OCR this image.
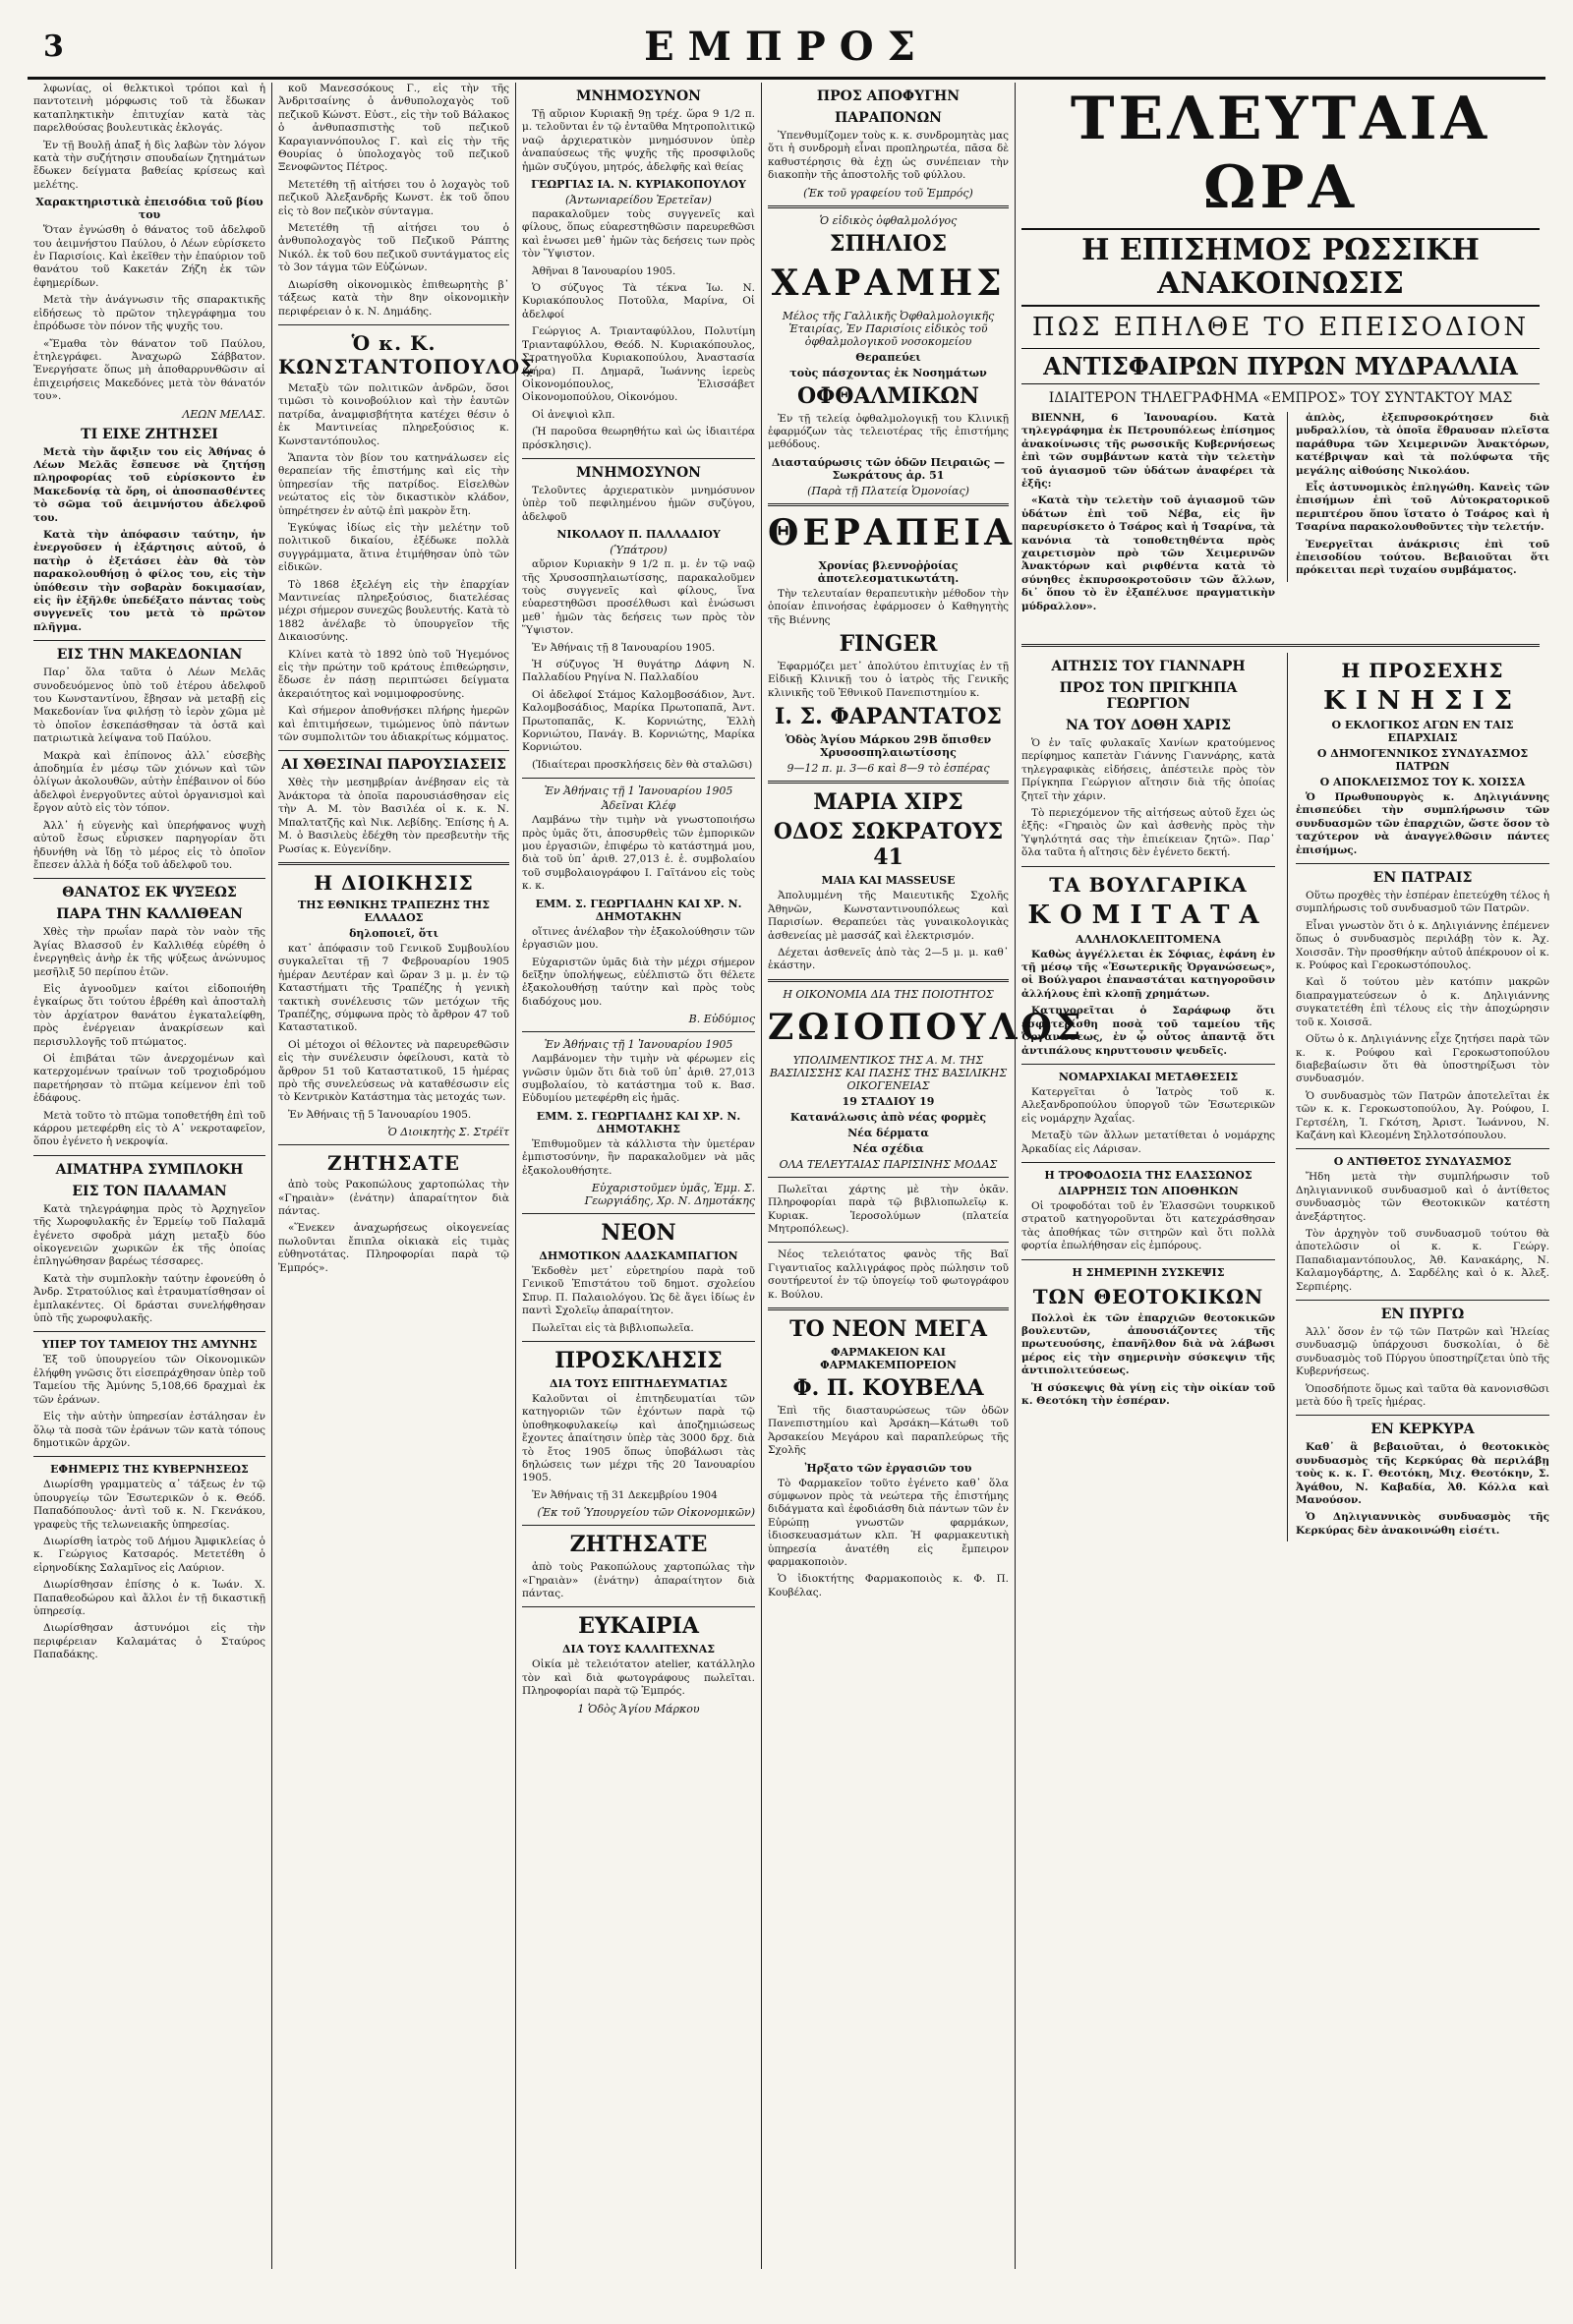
3	ΕΜΠΡΟΣ

λφωνίας, οἱ θελκτικοὶ τρόποι καὶ ἡ παντοτεινὴ μόρφωσις τοῦ τὰ ἔδωκαν καταπληκτικὴν ἐπιτυχίαν κατὰ τὰς παρελθούσας βουλευτικὰς ἐκλογάς.

Ἐν τῇ Βουλῇ ἀπαξ ἡ δὶς λαβὼν τὸν λόγον κατὰ τὴν συζήτησιν σπουδαίων ζητημάτων ἔδωκεν δείγματα βαθείας κρίσεως καὶ μελέτης.

Χαρακτηριστικὰ ἐπεισόδια τοῦ βίου του

Ὅταν ἐγνώσθη ὁ θάνατος τοῦ ἀδελφοῦ του ἀειμνήστου Παύλου, ὁ Λέων εὑρίσκετο ἐν Παρισίοις. Καὶ ἐκεῖθεν τὴν ἐπαύριον τοῦ θανάτου τοῦ Κακετάν Ζήζη ἐκ τῶν ἐφημερίδων.

Μετὰ τὴν ἀνάγνωσιν τῆς σπαρακτικῆς εἰδήσεως τὸ πρῶτον τηλεγράφημα του ἐπρόδωσε τὸν πόνον τῆς ψυχῆς του.

«Ἔμαθα τὸν θάνατον τοῦ Παύλου, ἐτηλεγράφει. Ἀναχωρῶ Σάββατον. Ἐνεργήσατε ὅπως μὴ ἀποθαρρυνθῶσιν αἱ ἐπιχειρήσεις Μακεδόνες μετὰ τὸν θάνατόν του».

ΛΕΩΝ ΜΕΛΑΣ.
ΤΙ ΕΙΧΕ ΖΗΤΗΣΕΙ

Μετὰ τὴν ἄφιξιν του εἰς Ἀθήνας ὁ Λέων Μελᾶς ἔσπευσε νὰ ζητήσῃ πληροφορίας τοῦ εὑρίσκοντο ἐν Μακεδονίᾳ τὰ ὄρη, οἱ ἀποσπασθέντες τὸ σῶμα τοῦ ἀειμνήστου ἀδελφοῦ του.

Κατὰ τὴν ἀπόφασιν ταύτην, ἡν ἐνεργοῦσεν ἡ ἐξάρτησις αὐτοῦ, ὁ πατὴρ ὁ ἐξετάσει ἐὰν θὰ τὸν παρακολουθήσῃ ὁ φίλος του, εἰς τὴν ὑπόθεσιν τὴν σοβαρὰν δοκιμασίαν, εἰς ἣν ἐξῆλθε ὑπεδέξατο πάντας τοὺς συγγενεῖς του μετὰ τὸ πρῶτον πλῆγμα.

ΕΙΣ ΤΗΝ ΜΑΚΕΔΟΝΙΑΝ

Παρ᾽ ὅλα ταῦτα ὁ Λέων Μελᾶς συνοδευόμενος ὑπὸ τοῦ ἑτέρου ἀδελφοῦ του Κωνσταντίνου, ἔβησαν νὰ μεταβῇ εἰς Μακεδονίαν ἵνα φιλήσῃ τὸ ἱερὸν χῶμα μὲ τὸ ὁποῖον ἐσκεπάσθησαν τὰ ὀστᾶ καὶ πατριωτικὰ λείψανα τοῦ Παύλου.

Μακρὰ καὶ ἐπίπονος ἀλλ᾽ εὐσεβὴς ἀποδημία ἐν μέσῳ τῶν χιόνων καὶ τῶν ὀλίγων ἀκολουθῶν, αὐτὴν ἐπέβαινον οἱ δύο ἀδελφοὶ ἐνεργοῦντες αὐτοὶ ὀργανισμοὶ καὶ ἔργον αὐτὸ εἰς τὸν τόπον.

Ἀλλ᾽ ἡ εὐγενὴς καὶ ὑπερήφανος ψυχὴ αὐτοῦ ἔσως εὗρισκεν παρηγορίαν ὅτι ἠδυνήθη νὰ ἴδῃ τὸ μέρος εἰς τὸ ὁποῖον ἔπεσεν ἀλλὰ ἡ δόξα τοῦ ἀδελφοῦ του.

ΘΑΝΑΤΟΣ ΕΚ ΨΥΞΕΩΣ
ΠΑΡΑ ΤΗΝ ΚΑΛΛΙΘΕΑΝ

Χθὲς τὴν πρωΐαν παρὰ τὸν ναὸν τῆς Ἁγίας Βλασσοῦ ἐν Καλλιθέᾳ εὑρέθη ὁ ἐνεργηθεὶς ἀνὴρ ἐκ τῆς ψύξεως ἀνώνυμος μεσῆλιξ 50 περίπου ἐτῶν.

Εἰς ἀγνοοῦμεν καίτοι εἰδοποιήθη ἐγκαίρως ὅτι τούτου ἐβρέθη καὶ ἀποσταλὴ τὸν ἀρχίατρον θανάτου ἐγκαταλείφθη, πρὸς ἐνέργειαν ἀνακρίσεων καὶ περισυλλογῆς τοῦ πτώματος.

Οἱ ἐπιβάται τῶν ἀνερχομένων καὶ κατερχομένων τραίνων τοῦ τροχιοδρόμου παρετήρησαν τὸ πτῶμα κείμενον ἐπὶ τοῦ ἐδάφους.

Μετὰ τοῦτο τὸ πτῶμα τοποθετήθη ἐπὶ τοῦ κάρρου μετεφέρθη εἰς τὸ Α᾽ νεκροταφεῖον, ὅπου ἐγένετο ἡ νεκροψία.

ΑΙΜΑΤΗΡΑ ΣΥΜΠΛΟΚΗ
ΕΙΣ ΤΟΝ ΠΑΛΑΜΑΝ

Κατὰ τηλεγράφημα πρὸς τὸ Ἀρχηγεῖον τῆς Χωροφυλακῆς ἐν Ἑρμείῳ τοῦ Παλαμᾶ ἐγένετο σφοδρὰ μάχη μεταξὺ δύο οἰκογενειῶν χωρικῶν ἐκ τῆς ὁποίας ἐπληγώθησαν βαρέως τέσσαρες.

Κατὰ τὴν συμπλοκὴν ταύτην ἐφονεύθη ὁ Ἀνδρ. Στρατούλιος καὶ ἐτραυματίσθησαν οἱ ἐμπλακέντες. Οἱ δράσται συνελήφθησαν ὑπὸ τῆς χωροφυλακῆς.

ΥΠΕΡ ΤΟΥ ΤΑΜΕΙΟΥ ΤΗΣ ΑΜΥΝΗΣ

Ἐξ τοῦ ὑπουργείου τῶν Οἰκονομικῶν ἐλήφθη γνῶσις ὅτι εἰσεπράχθησαν ὑπὲρ τοῦ Ταμείου τῆς Ἀμύνης 5,108,66 δραχμαὶ ἐκ τῶν ἐράνων.

Εἰς τὴν αὐτὴν ὑπηρεσίαν ἐστάλησαν ἐν ὅλῳ τὰ ποσὰ τῶν ἐράνων τῶν κατὰ τόπους δημοτικῶν ἀρχῶν.

ΕΦΗΜΕΡΙΣ ΤΗΣ ΚΥΒΕΡΝΗΣΕΩΣ

Διωρίσθη γραμματεὺς α᾽ τάξεως ἐν τῷ ὑπουργείῳ τῶν Ἐσωτερικῶν ὁ κ. Θεόδ. Παπαδόπουλος· ἀντὶ τοῦ κ. Ν. Γκενάκου, γραφεὺς τῆς τελωνειακῆς ὑπηρεσίας.

Διωρίσθη ἰατρὸς τοῦ Δήμου Ἀμφικλείας ὁ κ. Γεώργιος Κατσαρός. Μετετέθη ὁ εἰρηνοδίκης Σαλαμῖνος εἰς Λαύριον.

Διωρίσθησαν ἐπίσης ὁ κ. Ἰωάν. Χ. Παπαθεοδώρου καὶ ἄλλοι ἐν τῇ δικαστικῇ ὑπηρεσίᾳ.

Διωρίσθησαν ἀστυνόμοι εἰς τὴν περιφέρειαν Καλαμάτας ὁ Σταύρος Παπαδάκης.

κοῦ Μανεσσόκους Γ., εἰς τὴν τῆς Ἀνδριτσαίνης ὁ ἀνθυπολοχαγὸς τοῦ πεζικοῦ Κώνστ. Εὐστ., εἰς τὴν τοῦ Βάλακος ὁ ἀνθυπασπιστὴς τοῦ πεζικοῦ Καραγιαννόπουλος Γ. καὶ εἰς τὴν τῆς Θουρίας ὁ ὑπολοχαγὸς τοῦ πεζικοῦ Ξενοφῶντος Πέτρος.

Μετετέθη τῇ αἰτήσει του ὁ λοχαγὸς τοῦ πεζικοῦ Ἀλεξανδρῆς Κωνστ. ἐκ τοῦ ὅπου εἰς τὸ 8ον πεζικὸν σύνταγμα.

Μετετέθη τῇ αἰτήσει του ὁ ἀνθυπολοχαγὸς τοῦ Πεζικοῦ Ράπτης Νικόλ. ἐκ τοῦ 6ου πεζικοῦ συντάγματος εἰς τὸ 3ον τάγμα τῶν Εὐζώνων.

Διωρίσθη οἰκονομικὸς ἐπιθεωρητὴς β᾽ τάξεως κατὰ τὴν 8ην οἰκονομικὴν περιφέρειαν ὁ κ. Ν. Δημάδης.

Ὁ κ. Κ. ΚΩΝΣΤΑΝΤΟΠΟΥΛΟΣ

Μεταξὺ τῶν πολιτικῶν ἀνδρῶν, ὅσοι τιμῶσι τὸ κοινοβούλιον καὶ τὴν ἑαυτῶν πατρίδα, ἀναμφισβήτητα κατέχει θέσιν ὁ ἐκ Μαντινείας πληρεξούσιος κ. Κωνσταντόπουλος.

Ἅπαντα τὸν βίον του κατηνάλωσεν εἰς θεραπείαν τῆς ἐπιστήμης καὶ εἰς τὴν ὑπηρεσίαν τῆς πατρίδος. Εἰσελθὼν νεώτατος εἰς τὸν δικαστικὸν κλάδον, ὑπηρέτησεν ἐν αὐτῷ ἐπὶ μακρὸν ἔτη.

Ἐγκύψας ἰδίως εἰς τὴν μελέτην τοῦ πολιτικοῦ δικαίου, ἐξέδωκε πολλὰ συγγράμματα, ἅτινα ἐτιμήθησαν ὑπὸ τῶν εἰδικῶν.

Τὸ 1868 ἐξελέγη εἰς τὴν ἐπαρχίαν Μαντινείας πληρεξούσιος, διατελέσας μέχρι σήμερον συνεχῶς βουλευτής. Κατὰ τὸ 1882 ἀνέλαβε τὸ ὑπουργεῖον τῆς Δικαιοσύνης.

Κλίνει κατὰ τὸ 1892 ὑπὸ τοῦ Ἡγεμόνος εἰς τὴν πρώτην τοῦ κράτους ἐπιθεώρησιν, ἔδωσε ἐν πάσῃ περιπτώσει δείγματα ἀκεραιότητος καὶ νομιμοφροσύνης.

Καὶ σήμερον ἀποθνῄσκει πλήρης ἡμερῶν καὶ ἐπιτιμήσεων, τιμώμενος ὑπὸ πάντων τῶν συμπολιτῶν του ἀδιακρίτως κόμματος.

ΑΙ ΧΘΕΣΙΝΑΙ ΠΑΡΟΥΣΙΑΣΕΙΣ

Χθὲς τὴν μεσημβρίαν ἀνέβησαν εἰς τὰ Ἀνάκτορα τὰ ὁποῖα παρουσιάσθησαν εἰς τὴν Α. Μ. τὸν Βασιλέα οἱ κ. κ. Ν. Μπαλτατζῆς καὶ Νικ. Λεβίδης. Ἐπίσης ἡ Α. Μ. ὁ Βασιλεὺς ἐδέχθη τὸν πρεσβευτὴν τῆς Ρωσίας κ. Εὐγενίδην.

Η ΔΙΟΙΚΗΣΙΣ
ΤΗΣ ΕΘΝΙΚΗΣ ΤΡΑΠΕΖΗΣ ΤΗΣ ΕΛΛΑΔΟΣ
δηλοποιεῖ, ὅτι

κατ᾽ ἀπόφασιν τοῦ Γενικοῦ Συμβουλίου συγκαλεῖται τῇ 7 Φεβρουαρίου 1905 ἡμέραν Δευτέραν καὶ ὥραν 3 μ. μ. ἐν τῷ Καταστήματι τῆς Τραπέζης ἡ γενικὴ τακτικὴ συνέλευσις τῶν μετόχων τῆς Τραπέζης, σύμφωνα πρὸς τὸ ἄρθρον 47 τοῦ Καταστατικοῦ.

Οἱ μέτοχοι οἱ θέλοντες νὰ παρευρεθῶσιν εἰς τὴν συνέλευσιν ὀφείλουσι, κατὰ τὸ ἄρθρον 51 τοῦ Καταστατικοῦ, 15 ἡμέρας πρὸ τῆς συνελεύσεως νὰ καταθέσωσιν εἰς τὸ Κεντρικὸν Κατάστημα τὰς μετοχάς των.

Ἐν Ἀθήναις τῇ 5 Ἰανουαρίου 1905.

Ὁ Διοικητὴς Σ. Στρέϊτ
ΖΗΤΗΣΑΤΕ

ἀπὸ τοὺς Ρακοπώλους χαρτοπώλας τὴν «Γηραιὰν» (ἐνάτην) ἀπαραίτητον διὰ πάντας.

«Ἕνεκεν ἀναχωρήσεως οἰκογενείας πωλοῦνται ἔπιπλα οἰκιακὰ εἰς τιμὰς εὐθηνοτάτας. Πληροφορίαι παρὰ τῷ Ἐμπρός».

ΜΝΗΜΟΣΥΝΟΝ

Τῇ αὔριον Κυριακῇ 9ῃ τρέχ. ὥρα 9 1/2 π. μ. τελοῦνται ἐν τῷ ἐνταῦθα Μητροπολιτικῷ ναῷ ἀρχιερατικὸν μνημόσυνον ὑπὲρ ἀναπαύσεως τῆς ψυχῆς τῆς προσφιλοῦς ἡμῶν συζύγου, μητρός, ἀδελφῆς καὶ θείας

ΓΕΩΡΓΙΑΣ ΙΑ. Ν. ΚΥΡΙΑΚΟΠΟΥΛΟΥ
(Ἀντωνιαρείδου Ἐρετεῖαν)

παρακαλοῦμεν τοὺς συγγενεῖς καὶ φίλους, ὅπως εὐαρεστηθῶσιν παρευρεθῶσι καὶ ἑνωσει μεθ᾽ ἡμῶν τὰς δεήσεις των πρὸς τὸν Ὕψιστον.

Ἀθῆναι 8 Ἰανουαρίου 1905.

Ὁ σύζυγος Τὰ τέκνα Ἰω. Ν. Κυριακόπουλος Ποτοῦλα, Μαρίνα, Οἱ ἀδελφοί

Γεώργιος Α. Τριανταφύλλου, Πολυτίμη Τριανταφύλλου, Θεόδ. Ν. Κυριακόπουλος, Στρατηγοῦλα Κυριακοπούλου, Ἀναστασία (χήρα) Π. Δημαρᾶ, Ἰωάννης ἱερεὺς Οἰκονομόπουλος, Ἐλισσάβετ Οἰκονομοπούλου, Οἰκονόμου.

Οἱ ἀνεψιοὶ κλπ.

(Ἡ παροῦσα θεωρηθήτω καὶ ὡς ἰδιαιτέρα πρόσκλησις).

ΜΝΗΜΟΣΥΝΟΝ

Τελοῦντες ἀρχιερατικὸν μνημόσυνον ὑπὲρ τοῦ πεφιλημένου ἡμῶν συζύγου, ἀδελφοῦ

ΝΙΚΟΛΑΟΥ Π. ΠΑΛΛΑΔΙΟΥ
(Ὑπάτρου)

αὔριον Κυριακὴν 9 1/2 π. μ. ἐν τῷ ναῷ τῆς Χρυσοσπηλαιωτίσσης, παρακαλοῦμεν τοὺς συγγενεῖς καὶ φίλους, ἵνα εὐαρεστηθῶσι προσέλθωσι καὶ ἑνώσωσι μεθ᾽ ἡμῶν τὰς δεήσεις των πρὸς τὸν Ὕψιστον.

Ἐν Ἀθήναις τῇ 8 Ἰανουαρίου 1905.

Ἡ σύζυγος Ἡ θυγάτηρ Δάφνη Ν. Παλλαδίου Ρηγίνα Ν. Παλλαδίου

Οἱ ἀδελφοί Στάμος Καλομβοσάδιον, Ἀντ. Καλομβοσάδιος, Μαρίκα Πρωτοπαπᾶ, Ἀντ. Πρωτοπαπᾶς, Κ. Κορνιώτης, Ἑλλὴ Κορνιώτου, Πανάγ. Β. Κορνιώτης, Μαρίκα Κορνιώτου.

(Ἰδιαίτεραι προσκλήσεις δὲν θὰ σταλῶσι)

Ἐν Ἀθήναις τῇ 1 Ἰανουαρίου 1905
Ἀδεῖναι Κλέφ

Λαμβάνω τὴν τιμὴν νὰ γνωστοποιήσω πρὸς ὑμᾶς ὅτι, ἀποσυρθεὶς τῶν ἐμπορικῶν μου ἐργασιῶν, ἐπιφέρω τὸ κατάστημά μου, διὰ τοῦ ὑπ᾽ ἀριθ. 27,013 ἐ. ἐ. συμβολαίου τοῦ συμβολαιογράφου Ι. Γαϊτάνου εἰς τοὺς κ. κ.

ΕΜΜ. Σ. ΓΕΩΡΓΙΑΔΗΝ ΚΑΙ ΧΡ. Ν. ΔΗΜΟΤΑΚΗΝ

οἵτινες ἀνέλαβον τὴν ἐξακολούθησιν τῶν ἐργασιῶν μου.

Εὐχαριστῶν ὑμᾶς διὰ τὴν μέχρι σήμερον δεῖξην ὑπολήψεως, εὐέλπιστῶ ὅτι θέλετε ἐξακολουθήσῃ ταύτην καὶ πρὸς τοὺς διαδόχους μου.

Β. Εὐδύμιος
Ἐν Ἀθήναις τῇ 1 Ἰανουαρίου 1905

Λαμβάνομεν τὴν τιμὴν νὰ φέρωμεν εἰς γνῶσιν ὑμῶν ὅτι διὰ τοῦ ὑπ᾽ ἀριθ. 27,013 συμβολαίου, τὸ κατάστημα τοῦ κ. Βασ. Εὐδυμίου μετεφέρθη εἰς ἡμᾶς.

ΕΜΜ. Σ. ΓΕΩΡΓΙΑΔΗΣ ΚΑΙ ΧΡ. Ν. ΔΗΜΟΤΑΚΗΣ

Ἐπιθυμοῦμεν τὰ κάλλιστα τὴν ὑμετέραν ἐμπιστοσύνην, ἣν παρακαλοῦμεν νὰ μᾶς ἐξακολουθήσητε.

Εὐχαριστοῦμεν ὑμᾶς, Ἐμμ. Σ. Γεωργιάδης, Χρ. Ν. Δημοτάκης
ΝΕΟΝ
ΔΗΜΟΤΙΚΟΝ ΑΔΑΣΚΑΜΠΑΓΙΟΝ

Ἐκδοθὲν μετ᾽ εὐρετηρίου παρὰ τοῦ Γενικοῦ Ἐπιστάτου τοῦ δημοτ. σχολείου Σπυρ. Π. Παλαιολόγου. Ὡς δὲ ἄγει ἰδίως ἐν παντὶ Σχολεῖῳ ἀπαραίτητον.

Πωλεῖται εἰς τὰ βιβλιοπωλεῖα.

ΠΡΟΣΚΛΗΣΙΣ
ΔΙΑ ΤΟΥΣ ΕΠΙΤΗΔΕΥΜΑΤΙΑΣ

Καλοῦνται οἱ ἐπιτηδευματίαι τῶν κατηγοριῶν τῶν ἐχόντων παρὰ τῷ ὑποθηκοφυλακείῳ καὶ ἀποζημιώσεως ἔχοντες ἀπαίτησιν ὑπὲρ τὰς 3000 δρχ. διὰ τὸ ἔτος 1905 ὅπως ὑποβάλωσι τὰς δηλώσεις των μέχρι τῆς 20 Ἰανουαρίου 1905.

Ἐν Ἀθήναις τῇ 31 Δεκεμβρίου 1904

(Ἐκ τοῦ Ὑπουργείου τῶν Οἰκονομικῶν)
ΖΗΤΗΣΑΤΕ

ἀπὸ τοὺς Ρακοπώλους χαρτοπώλας τὴν «Γηραιὰν» (ἐνάτην) ἀπαραίτητον διὰ πάντας.

ΕΥΚΑΙΡΙΑ
ΔΙΑ ΤΟΥΣ ΚΑΛΛΙΤΕΧΝΑΣ

Οἰκία μὲ τελειότατον atelier, κατάλληλο τὸν καὶ διὰ φωτογράφους πωλεῖται. Πληροφορίαι παρὰ τῷ Ἐμπρός.

1 Ὁδὸς Ἁγίου Μάρκου
ΠΡΟΣ ΑΠΟΦΥΓΗΝ
ΠΑΡΑΠΟΝΩΝ

Ὑπενθυμίζομεν τοὺς κ. κ. συνδρομητὰς μας ὅτι ἡ συνδρομὴ εἶναι προπληρωτέα, πᾶσα δὲ καθυστέρησις θὰ ἐχῃ ὡς συνέπειαν τὴν διακοπὴν τῆς ἀποστολῆς τοῦ φύλλου.

(Ἐκ τοῦ γραφείου τοῦ Ἐμπρός)
Ὁ εἰδικὸς ὀφθαλμολόγος
ΣΠΗΛΙΟΣ
ΧΑΡΑΜΗΣ
Μέλος τῆς Γαλλικῆς Ὀφθαλμολογικῆς Ἑταιρίας, Ἐν Παρισίοις εἰδικὸς τοῦ ὀφθαλμολογικοῦ νοσοκομείου
Θεραπεύει
τοὺς πάσχοντας ἐκ Νοσημάτων
ΟΦΘΑΛΜΙΚΩΝ

Ἐν τῇ τελείᾳ ὀφθαλμολογικῇ του Κλινικῇ ἐφαρμόζων τὰς τελειοτέρας τῆς ἐπιστήμης μεθόδους.

Διασταύρωσις τῶν ὁδῶν Πειραιῶς — Σωκράτους ἀρ. 51
(Παρὰ τῇ Πλατείᾳ Ὁμονοίας)
ΘΕΡΑΠΕΙΑ
Χρονίας βλεννοῤῥοίας ἀποτελεσματικωτάτη.

Τὴν τελευταίαν θεραπευτικὴν μέθοδον τὴν ὁποίαν ἐπινοήσας ἐφάρμοσεν ὁ Καθηγητὴς τῆς Βιέννης

FINGER

Ἐφαρμόζει μετ᾽ ἀπολύτου ἐπιτυχίας ἐν τῇ Εἰδικῇ Κλινικῇ του ὁ ἰατρὸς τῆς Γενικῆς κλινικῆς τοῦ Ἐθνικοῦ Πανεπιστημίου κ.

Ι. Σ. ΦΑΡΑΝΤΑΤΟΣ
Ὁδὸς Ἁγίου Μάρκου 29Β ὄπισθεν Χρυσοσπηλαιωτίσσης
9—12 π. μ. 3—6 καὶ 8—9 τὸ ἑσπέρας
ΜΑΡΙΑ ΧΙΡΣ
ΟΔΟΣ ΣΩΚΡΑΤΟΥΣ 41
ΜΑΙΑ ΚΑΙ MASSEUSE

Ἀπολυμμένη τῆς Μαιευτικῆς Σχολῆς Ἀθηνῶν, Κωνσταντινουπόλεως καὶ Παρισίων. Θεραπεύει τὰς γυναικολογικὰς ἀσθενείας μὲ μασσάζ καὶ ἐλεκτρισμόν.

Δέχεται ἀσθενεῖς ἀπὸ τὰς 2—5 μ. μ. καθ᾽ ἑκάστην.

Η ΟΙΚΟΝΟΜΙΑ ΔΙΑ ΤΗΣ ΠΟΙΟΤΗΤΟΣ
ΖΩΙΟΠΟΥΛΟΣ
ΥΠΟΛΙΜΕΝΤΙΚΟΣ ΤΗΣ Α. Μ. ΤΗΣ ΒΑΣΙΛΙΣΣΗΣ ΚΑΙ ΠΑΣΗΣ ΤΗΣ ΒΑΣΙΛΙΚΗΣ ΟΙΚΟΓΕΝΕΙΑΣ
19 ΣΤΑΔΙΟΥ 19
Κατανάλωσις ἀπὸ νέας φορμὲς
Νέα δέρματα
Νέα σχέδια
ΟΛΑ ΤΕΛΕΥΤΑΙΑΣ ΠΑΡΙΣΙΝΗΣ ΜΟΔΑΣ

Πωλεῖται χάρτης μὲ τὴν ὀκᾶν. Πληροφορίαι παρὰ τῷ βιβλιοπωλεῖῳ κ. Κυριακ. Ἱεροσολύμων (πλατεία Μητροπόλεως).

Νέος τελειότατος φανὸς τῆς Βαϊ Γιγαντιαῖος καλλιγράφος πρὸς πώλησιν τοῦ σουτήρευτοί ἐν τῷ ὑπογείῳ τοῦ φωτογράφου κ. Βούλου.

ΤΟ ΝΕΟΝ ΜΕΓΑ
ΦΑΡΜΑΚΕΙΟΝ ΚΑΙ ΦΑΡΜΑΚΕΜΠΟΡΕΙΟΝ
Φ. Π. ΚΟΥΒΕΛΑ

Ἐπὶ τῆς διασταυρώσεως τῶν ὁδῶν Πανεπιστημίου καὶ Ἀρσάκη—Κάτωθι τοῦ Ἀρσακείου Μεγάρου καὶ παραπλεύρως τῆς Σχολῆς

Ἠρξατο τῶν ἐργασιῶν του

Τὸ Φαρμακεῖον τοῦτο ἐγένετο καθ᾽ ὅλα σύμφωνον πρὸς τὰ νεώτερα τῆς ἐπιστήμης διδάγματα καὶ ἐφοδιάσθη διὰ πάντων τῶν ἐν Εὐρώπῃ γνωστῶν φαρμάκων, ἰδιοσκευασμάτων κλπ. Ἡ φαρμακευτικὴ ὑπηρεσία ἀνατέθη εἰς ἔμπειρον φαρμακοποιὸν.

Ὁ ἰδιοκτήτης Φαρμακοποιὸς κ. Φ. Π. Κουβέλας.

ΤΕΛΕΥΤΑΙΑ ΩΡΑ
Η ΕΠΙΣΗΜΟΣ ΡΩΣΣΙΚΗ ΑΝΑΚΟΙΝΩΣΙΣ
ΠΩΣ ΕΠΗΛΘΕ ΤΟ ΕΠΕΙΣΟΔΙΟΝ
ΑΝΤΙΣΦΑΙΡΩΝ ΠΥΡΩΝ ΜΥΔΡΑΛΛΙΑ
ΙΔΙΑΙΤΕΡΟΝ ΤΗΛΕΓΡΑΦΗΜΑ «ΕΜΠΡΟΣ» ΤΟΥ ΣΥΝΤΑΚΤΟΥ ΜΑΣ

ΒΙΕΝΝΗ, 6 Ἰανουαρίου. Κατὰ τηλεγράφημα ἐκ Πετρουπόλεως ἐπίσημος ἀνακοίνωσις τῆς ρωσσικῆς Κυβερνήσεως ἐπὶ τῶν συμβάντων κατὰ τὴν τελετὴν τοῦ ἁγιασμοῦ τῶν ὑδάτων ἀναφέρει τὰ ἑξῆς:

«Κατὰ τὴν τελετὴν τοῦ ἁγιασμοῦ τῶν ὑδάτων ἐπὶ τοῦ Νέβα, εἰς ἣν παρευρίσκετο ὁ Τσάρος καὶ ἡ Τσαρίνα, τὰ κανόνια τὰ τοποθετηθέντα πρὸς χαιρετισμὸν πρὸ τῶν Χειμερινῶν Ἀνακτόρων καὶ ριφθέντα κατὰ τὸ σύνηθες ἐκπυρσοκροτοῦσιν τῶν ἄλλων, δι᾽ ὅπου τὸ ἓν ἐξαπέλυσε πραγματικὴν μύδραλλον».

ἀπλὸς, ἐξεπυρσοκρότησεν διὰ μυδραλλίου, τὰ ὁποῖα ἔθραυσαν πλεῖστα παράθυρα τῶν Χειμερινῶν Ἀνακτόρων, κατέβριψαν καὶ τὰ πολύφωτα τῆς μεγάλης αἰθούσης Νικολάου.

Εἷς ἀστυνομικὸς ἐπληγώθη. Κανεὶς τῶν ἐπισήμων ἐπὶ τοῦ Αὐτοκρατορικοῦ περιπτέρου ὅπου ἵστατο ὁ Τσάρος καὶ ἡ Τσαρίνα παρακολουθοῦντες τὴν τελετήν.

Ἐνεργεῖται ἀνάκρισις ἐπὶ τοῦ ἐπεισοδίου τούτου. Βεβαιοῦται ὅτι πρόκειται περὶ τυχαίου συμβάματος.

ΑΙΤΗΣΙΣ ΤΟΥ ΓΙΑΝΝΑΡΗ
ΠΡΟΣ ΤΟΝ ΠΡΙΓΚΗΠΑ ΓΕΩΡΓΙΟΝ
ΝΑ ΤΟΥ ΔΟΘΗ ΧΑΡΙΣ

Ὁ ἐν ταῖς φυλακαῖς Χανίων κρατούμενος περίφημος καπετὰν Γιάννης Γιαννάρης, κατὰ τηλεγραφικὰς εἰδήσεις, ἀπέστειλε πρὸς τὸν Πρίγκηπα Γεώργιον αἴτησιν διὰ τῆς ὁποίας ζητεῖ τὴν χάριν.

Τὸ περιεχόμενον τῆς αἰτήσεως αὐτοῦ ἔχει ὡς ἑξῆς: «Γηραιὸς ὢν καὶ ἀσθενὴς πρὸς τὴν Ὑψηλότητά σας τὴν ἐπιείκειαν ζητῶ». Παρ᾽ ὅλα ταῦτα ἡ αἴτησις δὲν ἐγένετο δεκτή.

ΤΑ ΒΟΥΛΓΑΡΙΚΑ
ΚΟΜΙΤΑΤΑ
ΑΛΛΗΛΟΚΛΕΠΤΟΜΕΝΑ

Καθὼς ἀγγέλλεται ἐκ Σόφιας, ἐφάνη ἐν τῇ μέσῳ τῆς «Ἐσωτερικῆς Ὀργανώσεως», οἱ Βούλγαροι ἐπαναστάται κατηγοροῦσιν ἀλλήλους ἐπὶ κλοπῇ χρημάτων.

Κατηγορεῖται ὁ Σαράφωφ ὅτι ἐσφετερίσθη ποσὰ τοῦ ταμείου τῆς Ὀργανώσεως, ἐν ᾧ οὗτος ἀπαντᾷ ὅτι ἀντιπάλους κηρυττουσιν ψευδεῖς.

ΝΟΜΑΡΧΙΑΚΑΙ ΜΕΤΑΘΕΣΕΙΣ

Κατεργεῖται ὁ Ἰατρὸς τοῦ κ. Αλεξανδροπούλου ὑποργοῦ τῶν Ἐσωτερικῶν εἰς νομάρχην Ἀχαΐας.

Μεταξὺ τῶν ἄλλων μετατίθεται ὁ νομάρχης Ἀρκαδίας εἰς Λάρισαν.

Η ΤΡΟΦΟΔΟΣΙΑ ΤΗΣ ΕΛΑΣΣΩΝΟΣ
ΔΙΑΡΡΗΞΙΣ ΤΩΝ ΑΠΟΘΗΚΩΝ

Οἱ τροφοδόται τοῦ ἐν Ἐλασσῶνι τουρκικοῦ στρατοῦ κατηγοροῦνται ὅτι κατεχράσθησαν τὰς ἀποθήκας τῶν σιτηρῶν καὶ ὅτι πολλὰ φορτία ἐπωλήθησαν εἰς ἐμπόρους.

Η ΣΗΜΕΡΙΝΗ ΣΥΣΚΕΨΙΣ
ΤΩΝ ΘΕΟΤΟΚΙΚΩΝ

Πολλοὶ ἐκ τῶν ἐπαρχιῶν θεοτοκικῶν βουλευτῶν, ἀπουσιάζοντες τῆς πρωτευούσης, ἐπανῆλθον διὰ νὰ λάβωσι μέρος εἰς τὴν σημερινὴν σύσκεψιν τῆς ἀντιπολιτεύσεως.

Ἡ σύσκεψις θὰ γίνῃ εἰς τὴν οἰκίαν τοῦ κ. Θεοτόκη τὴν ἑσπέραν.

Η ΠΡΟΣΕΧΗΣ
ΚΙΝΗΣΙΣ
Ο ΕΚΛΟΓΙΚΟΣ ΑΓΩΝ ΕΝ ΤΑΙΣ ΕΠΑΡΧΙΑΙΣ
Ο ΔΗΜΟΓΕΝΝΙΚΟΣ ΣΥΝΔΥΑΣΜΟΣ ΠΑΤΡΩΝ
Ο ΑΠΟΚΛΕΙΣΜΟΣ ΤΟΥ Κ. ΧΟΙΣΣΑ

Ὁ Πρωθυπουργὸς κ. Δηλιγιάννης ἐπισπεύδει τὴν συμπλήρωσιν τῶν συνδυασμῶν τῶν ἐπαρχιῶν, ὥστε ὅσον τὸ ταχύτερον νὰ ἀναγγελθῶσιν πάντες ἐπισήμως.

ΕΝ ΠΑΤΡΑΙΣ

Οὕτω προχθὲς τὴν ἑσπέραν ἐπετεύχθη τέλος ἡ συμπλήρωσις τοῦ συνδυασμοῦ τῶν Πατρῶν.

Εἶναι γνωστὸν ὅτι ὁ κ. Δηλιγιάννης ἐπέμενεν ὅπως ὁ συνδυασμὸς περιλάβῃ τὸν κ. Ἀχ. Χοισσᾶν. Τὴν προσθήκην αὐτοῦ ἀπέκρουον οἱ κ. κ. Ρούφος καὶ Γεροκωστόπουλος.

Καὶ ὅ τούτου μὲν κατόπιν μακρῶν διαπραγματεύσεων ὁ κ. Δηλιγιάννης συγκατετέθη ἐπὶ τέλους εἰς τὴν ἀποχώρησιν τοῦ κ. Χοισσᾶ.

Οὕτω ὁ κ. Δηλιγιάννης εἶχε ζητήσει παρὰ τῶν κ. κ. Ρούφου καὶ Γεροκωστοπούλου διαβεβαίωσιν ὅτι θὰ ὑποστηρίξωσι τὸν συνδυασμόν.

Ὁ συνδυασμὸς τῶν Πατρῶν ἀποτελεῖται ἐκ τῶν κ. κ. Γεροκωστοπούλου, Ἀγ. Ρούφου, Ι. Γερτσέλη, Ἰ. Γκότση, Ἀριστ. Ἰωάννου, Ν. Καζάνη καὶ Κλεομένη Σηλλοτσόπουλου.

Ο ΑΝΤΙΘΕΤΟΣ ΣΥΝΔΥΑΣΜΟΣ

Ἤδη μετὰ τὴν συμπλήρωσιν τοῦ Δηλιγιαννικοῦ συνδυασμοῦ καὶ ὁ ἀντίθετος συνδυασμὸς τῶν Θεοτοκικῶν κατέστη ἀνεξάρτητος.

Τὸν ἀρχηγὸν τοῦ συνδυασμοῦ τούτου θὰ ἀποτελῶσιν οἱ κ. κ. Γεώργ. Παπαδιαμαντόπουλος, Ἀθ. Κανακάρης, Ν. Καλαμογδάρτης, Δ. Σαρδέλης καὶ ὁ κ. Ἀλεξ. Σερπιέρης.

ΕΝ ΠΥΡΓΩ

Ἀλλ᾽ ὅσον ἐν τῷ τῶν Πατρῶν καὶ Ἠλείας συνδυασμῷ ὑπάρχουσι δυσκολίαι, ὁ δὲ συνδυασμὸς τοῦ Πύργου ὑποστηρίζεται ὑπὸ τῆς Κυβερνήσεως.

Ὁποσδήποτε ὅμως καὶ ταῦτα θὰ κανονισθῶσι μετὰ δύο ἢ τρεῖς ἡμέρας.

ΕΝ ΚΕΡΚΥΡΑ

Καθ᾽ ἃ βεβαιοῦται, ὁ θεοτοκικὸς συνδυασμὸς τῆς Κερκύρας θὰ περιλάβῃ τοὺς κ. κ. Γ. Θεοτόκη, Μιχ. Θεοτόκην, Σ. Ἀγάθου, Ν. Καβαδία, Ἀθ. Κόλλα καὶ Μανούσον.

Ὁ Δηλιγιαννικὸς συνδυασμὸς τῆς Κερκύρας δὲν ἀνακοινώθη εἰσέτι.
